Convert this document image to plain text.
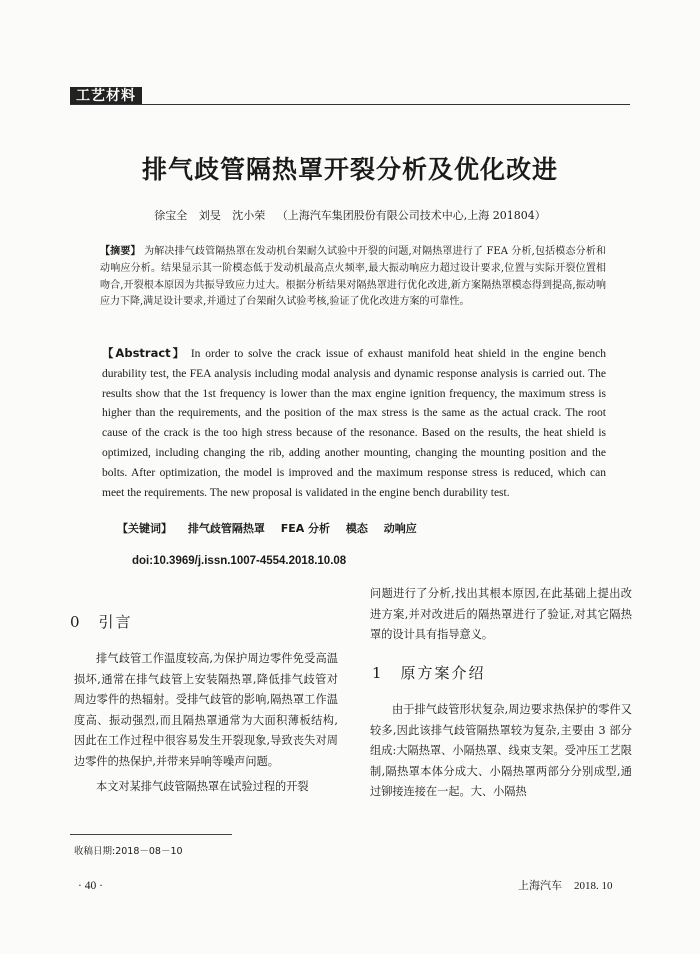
工艺材料
排气歧管隔热罩开裂分析及优化改进
徐宝全 刘旻 沈小荣 （上海汽车集团股份有限公司技术中心,上海 201804）
【摘要】 为解决排气歧管隔热罩在发动机台架耐久试验中开裂的问题,对隔热罩进行了 FEA 分析,包括模态分析和动响应分析。结果显示其一阶模态低于发动机最高点火频率,最大振动响应力超过设计要求,位置与实际开裂位置相吻合,开裂根本原因为共振导致应力过大。根据分析结果对隔热罩进行优化改进,新方案隔热罩模态得到提高,振动响应力下降,满足设计要求,并通过了台架耐久试验考核,验证了优化改进方案的可靠性。
【Abstract】 In order to solve the crack issue of exhaust manifold heat shield in the engine bench durability test, the FEA analysis including modal analysis and dynamic response analysis is carried out. The results show that the 1st frequency is lower than the max engine ignition frequency, the maximum stress is higher than the requirements, and the position of the max stress is the same as the actual crack. The root cause of the crack is the too high stress because of the resonance. Based on the results, the heat shield is optimized, including changing the rib, adding another mounting, changing the mounting position and the bolts. After optimization, the model is improved and the maximum response stress is reduced, which can meet the requirements. The new proposal is validated in the engine bench durability test.
【关键词】 排气歧管隔热罩 FEA 分析 模态 动响应
doi:10.3969/j.issn.1007-4554.2018.10.08
0　引言
排气歧管工作温度较高,为保护周边零件免受高温损坏,通常在排气歧管上安装隔热罩,降低排气歧管对周边零件的热辐射。受排气歧管的影响,隔热罩工作温度高、振动强烈,而且隔热罩通常为大面积薄板结构,因此在工作过程中很容易发生开裂现象,导致丧失对周边零件的热保护,并带来异响等噪声问题。
本文对某排气歧管隔热罩在试验过程的开裂
问题进行了分析,找出其根本原因,在此基础上提出改进方案,并对改进后的隔热罩进行了验证,对其它隔热罩的设计具有指导意义。
1　原方案介绍
由于排气歧管形状复杂,周边要求热保护的零件又较多,因此该排气歧管隔热罩较为复杂,主要由 3 部分组成:大隔热罩、小隔热罩、线束支架。受冲压工艺限制,隔热罩本体分成大、小隔热罩两部分分别成型,通过铆接连接在一起。大、小隔热
收稿日期:2018－08－10
· 40 ·	上海汽车 2018. 10
